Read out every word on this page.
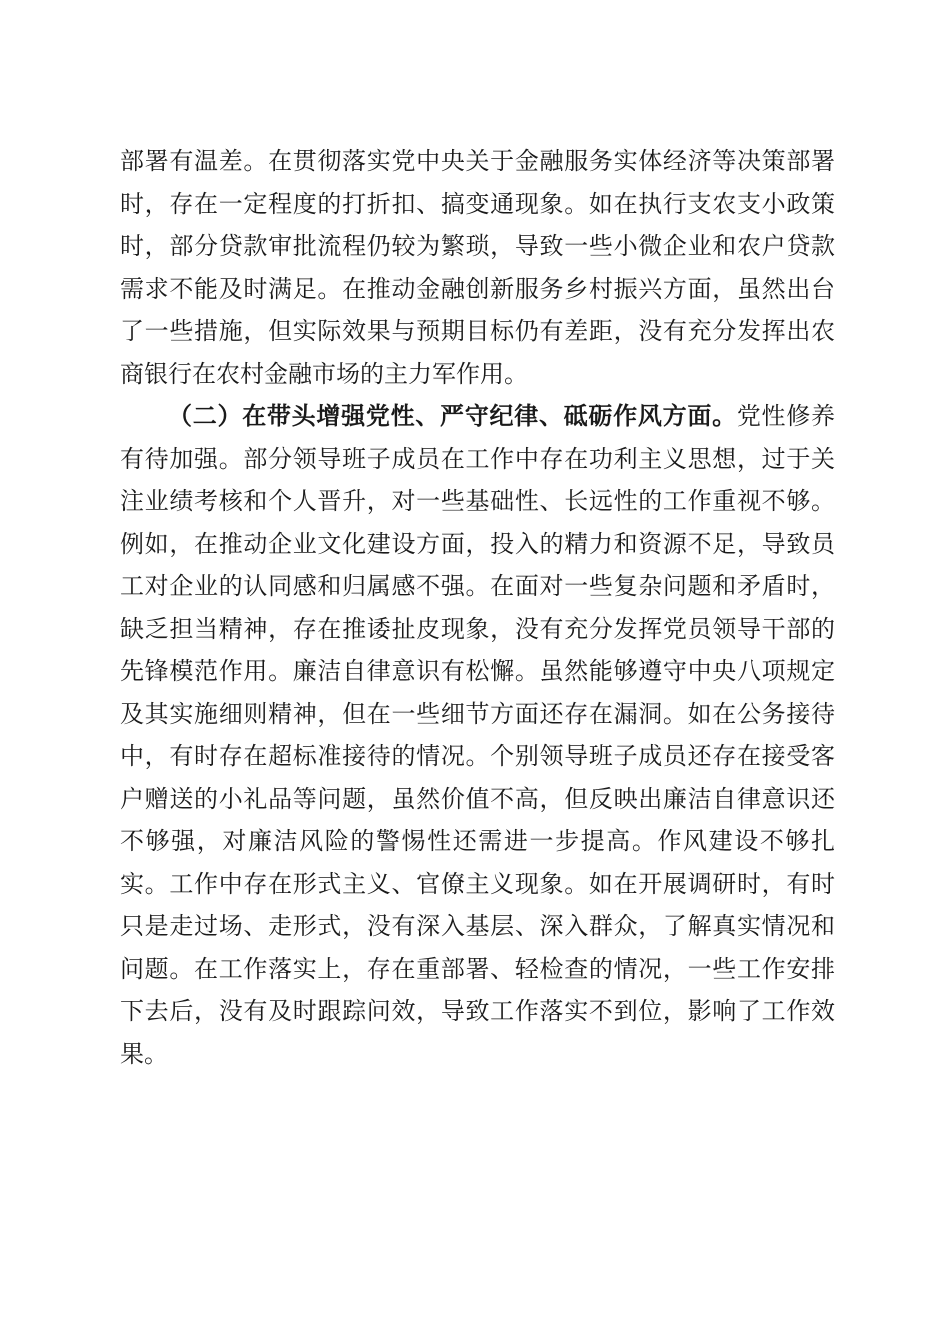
部署有温差。在贯彻落实党中央关于金融服务实体经济等决策部署时，存在一定程度的打折扣、搞变通现象。如在执行支农支小政策时，部分贷款审批流程仍较为繁琐，导致一些小微企业和农户贷款需求不能及时满足。在推动金融创新服务乡村振兴方面，虽然出台了一些措施，但实际效果与预期目标仍有差距，没有充分发挥出农商银行在农村金融市场的主力军作用。

（二）在带头增强党性、严守纪律、砥砺作风方面。党性修养有待加强。部分领导班子成员在工作中存在功利主义思想，过于关注业绩考核和个人晋升，对一些基础性、长远性的工作重视不够。例如，在推动企业文化建设方面，投入的精力和资源不足，导致员工对企业的认同感和归属感不强。在面对一些复杂问题和矛盾时，缺乏担当精神，存在推诿扯皮现象，没有充分发挥党员领导干部的先锋模范作用。廉洁自律意识有松懈。虽然能够遵守中央八项规定及其实施细则精神，但在一些细节方面还存在漏洞。如在公务接待中，有时存在超标准接待的情况。个别领导班子成员还存在接受客户赠送的小礼品等问题，虽然价值不高，但反映出廉洁自律意识还不够强，对廉洁风险的警惕性还需进一步提高。作风建设不够扎实。工作中存在形式主义、官僚主义现象。如在开展调研时，有时只是走过场、走形式，没有深入基层、深入群众，了解真实情况和问题。在工作落实上，存在重部署、轻检查的情况，一些工作安排下去后，没有及时跟踪问效，导致工作落实不到位，影响了工作效果。
